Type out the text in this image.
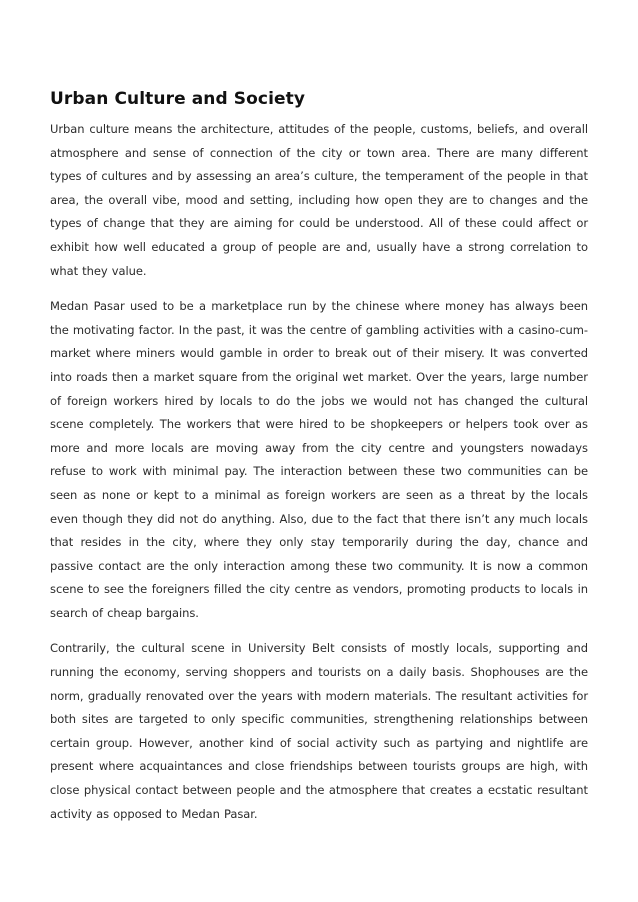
Urban Culture and Society

Urban culture means the architecture, attitudes of the people, customs, beliefs, and overall atmosphere and sense of connection of the city or town area. There are many different types of cultures and by assessing an area’s culture, the temperament of the people in that area, the overall vibe, mood and setting, including how open they are to changes and the types of change that they are aiming for could be understood. All of these could affect or exhibit how well educated a group of people are and, usually have a strong correlation to what they value.

Medan Pasar used to be a marketplace run by the chinese where money has always been the motivating factor. In the past, it was the centre of gambling activities with a casino-cum-market where miners would gamble in order to break out of their misery. It was converted into roads then a market square from the original wet market. Over the years, large number of foreign workers hired by locals to do the jobs we would not has changed the cultural scene completely. The workers that were hired to be shopkeepers or helpers took over as more and more locals are moving away from the city centre and youngsters nowadays refuse to work with minimal pay. The interaction between these two communities can be seen as none or kept to a minimal as foreign workers are seen as a threat by the locals even though they did not do anything. Also, due to the fact that there isn’t any much locals that resides in the city, where they only stay temporarily during the day, chance and passive contact are the only interaction among these two community. It is now a common scene to see the foreigners filled the city centre as vendors, promoting products to locals in search of cheap bargains.

Contrarily, the cultural scene in University Belt consists of mostly locals, supporting and running the economy, serving shoppers and tourists on a daily basis. Shophouses are the norm, gradually renovated over the years with modern materials. The resultant activities for both sites are targeted to only specific communities, strengthening relationships between certain group. However, another kind of social activity such as partying and nightlife are present where acquaintances and close friendships between tourists groups are high, with close physical contact between people and the atmosphere that creates a ecstatic resultant activity as opposed to Medan Pasar.
